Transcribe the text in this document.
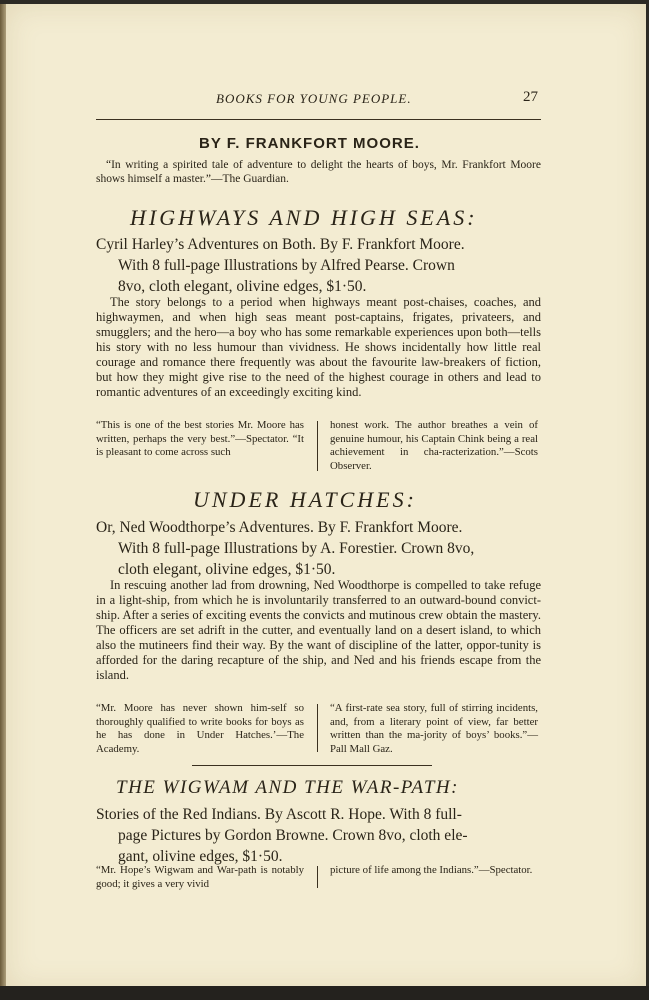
BOOKS FOR YOUNG PEOPLE.	27

BY F. FRANKFORT MOORE.

“In writing a spirited tale of adventure to delight the hearts of boys, Mr. Frankfort Moore shows himself a master.”—The Guardian.

HIGHWAYS AND HIGH SEAS:

Cyril Harley’s Adventures on Both. By F. Frankfort Moore.
With 8 full-page Illustrations by Alfred Pearse. Crown
8vo, cloth elegant, olivine edges, $1·50.

The story belongs to a period when highways meant post-chaises, coaches, and highwaymen, and when high seas meant post-captains, frigates, privateers, and smugglers; and the hero—a boy who has some remarkable experiences upon both—tells his story with no less humour than vividness. He shows incidentally how little real courage and romance there frequently was about the favourite law-breakers of fiction, but how they might give rise to the need of the highest courage in others and lead to romantic adventures of an exceedingly exciting kind.

“This is one of the best stories Mr. Moore has written, perhaps the very best.”—Spectator. “It is pleasant to come across such

honest work. The author breathes a vein of genuine humour, his Captain Chink being a real achievement in cha-racterization.”—Scots Observer.

UNDER HATCHES:

Or, Ned Woodthorpe’s Adventures. By F. Frankfort Moore.
With 8 full-page Illustrations by A. Forestier. Crown 8vo,
cloth elegant, olivine edges, $1·50.

In rescuing another lad from drowning, Ned Woodthorpe is compelled to take refuge in a light-ship, from which he is involuntarily transferred to an outward-bound convict-ship. After a series of exciting events the convicts and mutinous crew obtain the mastery. The officers are set adrift in the cutter, and eventually land on a desert island, to which also the mutineers find their way. By the want of discipline of the latter, oppor-tunity is afforded for the daring recapture of the ship, and Ned and his friends escape from the island.

“Mr. Moore has never shown him-self so thoroughly qualified to write books for boys as he has done in Under Hatches.’—The Academy.

“A first-rate sea story, full of stirring incidents, and, from a literary point of view, far better written than the ma-jority of boys’ books.”—Pall Mall Gaz.

THE WIGWAM AND THE WAR-PATH:

Stories of the Red Indians. By Ascott R. Hope. With 8 full-
page Pictures by Gordon Browne. Crown 8vo, cloth ele-
gant, olivine edges, $1·50.

“Mr. Hope’s Wigwam and War-path is notably good; it gives a very vivid

picture of life among the Indians.”—Spectator.
